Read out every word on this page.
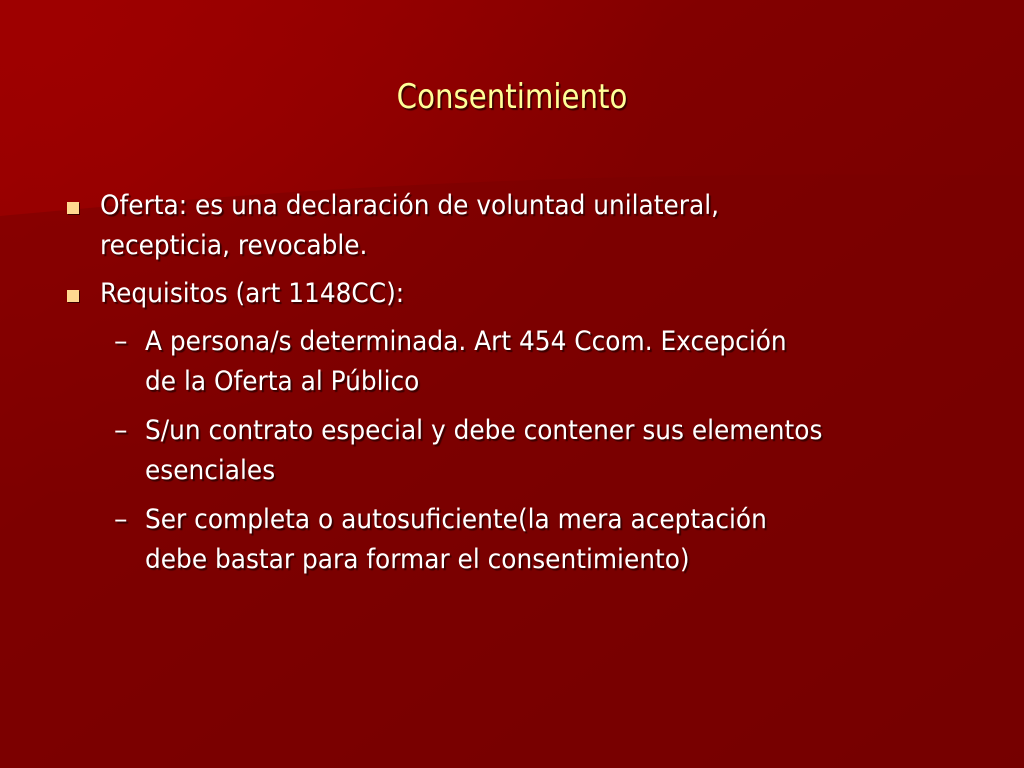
Consentimiento
Oferta: es una declaración de voluntad unilateral,
recepticia, revocable.
Requisitos (art 1148CC):
– A persona/s determinada. Art 454 Ccom. Excepción
de la Oferta al Público
– S/un contrato especial y debe contener sus elementos
esenciales
– Ser completa o autosuficiente(la mera aceptación
debe bastar para formar el consentimiento)
